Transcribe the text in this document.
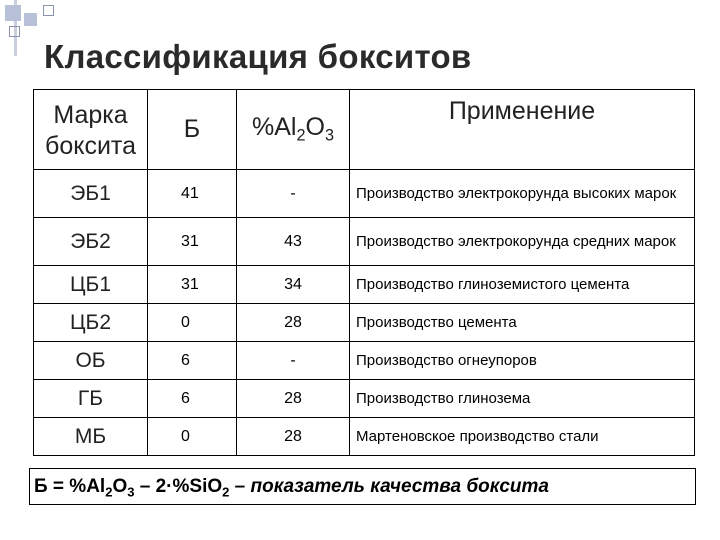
Классификация бокситов
Марка
боксита	Б	$\%Al_2O_3$	Применение
ЭБ1	41	-	Производство электрокорунда высоких марок
ЭБ2	31	43	Производство электрокорунда средних марок
ЦБ1	31	34	Производство глиноземистого цемента
ЦБ2	0	28	Производство цемента
ОБ	6	-	Производство огнеупоров
ГБ	6	28	Производство глинозема
МБ	0	28	Мартеновское производство стали
$Б = \%Al_2O_3 - 2\cdot\%SiO_2$ – показатель качества боксита
